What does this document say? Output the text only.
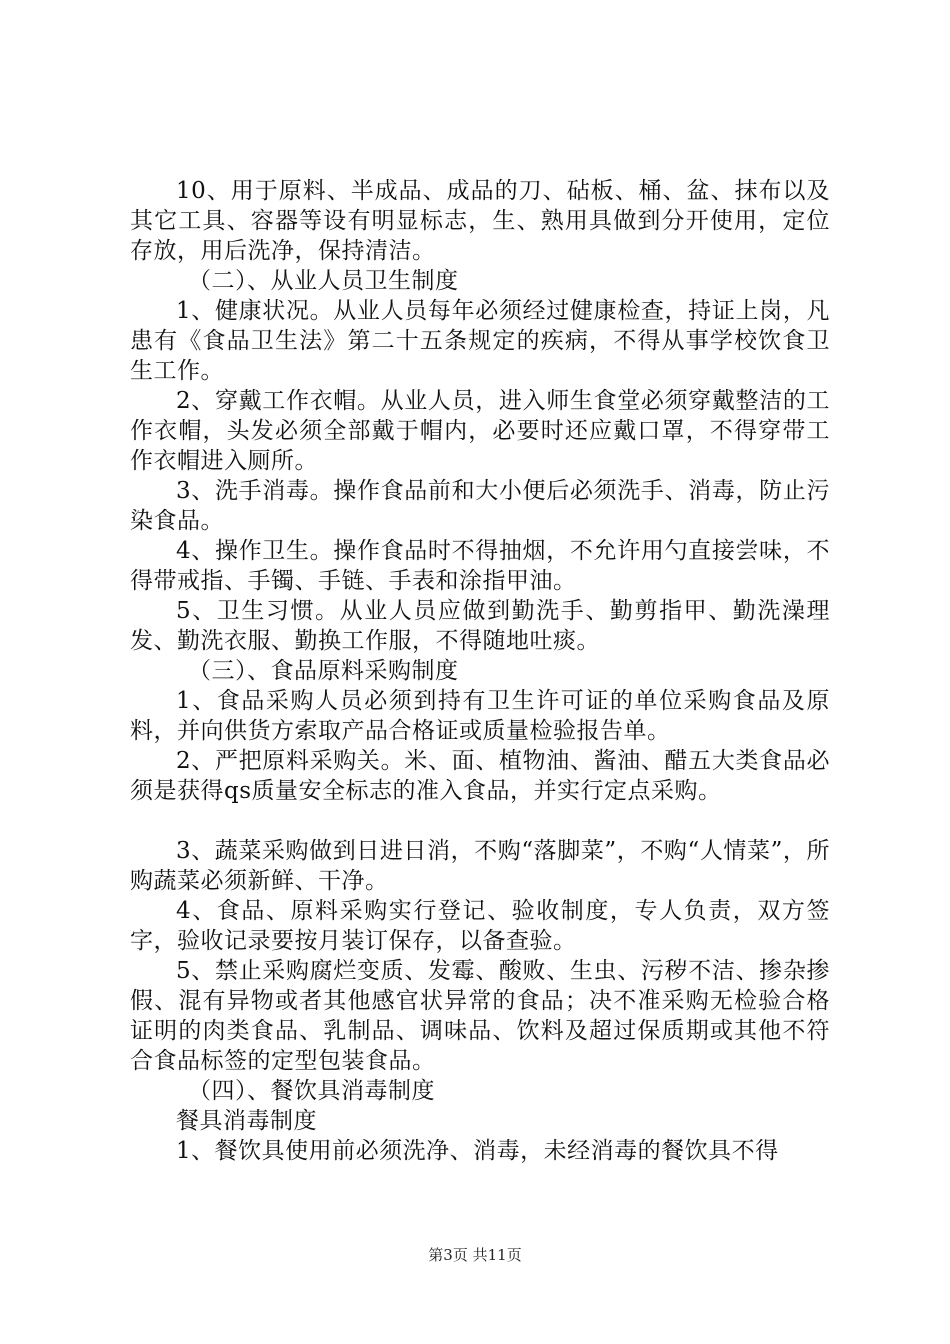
10、用于原料、半成品、成品的刀、砧板、桶、盆、抹布以及其它工具、容器等设有明显标志，生、熟用具做到分开使用，定位存放，用后洗净，保持清洁。

（二）、从业人员卫生制度

1、健康状况。从业人员每年必须经过健康检查，持证上岗，凡患有《食品卫生法》第二十五条规定的疾病，不得从事学校饮食卫生工作。

2、穿戴工作衣帽。从业人员，进入师生食堂必须穿戴整洁的工作衣帽，头发必须全部戴于帽内，必要时还应戴口罩，不得穿带工作衣帽进入厕所。

3、洗手消毒。操作食品前和大小便后必须洗手、消毒，防止污染食品。

4、操作卫生。操作食品时不得抽烟，不允许用勺直接尝味，不得带戒指、手镯、手链、手表和涂指甲油。

5、卫生习惯。从业人员应做到勤洗手、勤剪指甲、勤洗澡理发、勤洗衣服、勤换工作服，不得随地吐痰。

（三）、食品原料采购制度

1、食品采购人员必须到持有卫生许可证的单位采购食品及原料，并向供货方索取产品合格证或质量检验报告单。

2、严把原料采购关。米、面、植物油、酱油、醋五大类食品必须是获得qs质量安全标志的准入食品，并实行定点采购。

3、蔬菜采购做到日进日消，不购“落脚菜”，不购“人情菜”，所购蔬菜必须新鲜、干净。

4、食品、原料采购实行登记、验收制度，专人负责，双方签字，验收记录要按月装订保存，以备查验。

5、禁止采购腐烂变质、发霉、酸败、生虫、污秽不洁、掺杂掺假、混有异物或者其他感官状异常的食品；决不准采购无检验合格证明的肉类食品、乳制品、调味品、饮料及超过保质期或其他不符合食品标签的定型包装食品。

（四）、餐饮具消毒制度

餐具消毒制度

1、餐饮具使用前必须洗净、消毒，未经消毒的餐饮具不得

第3页 共11页
